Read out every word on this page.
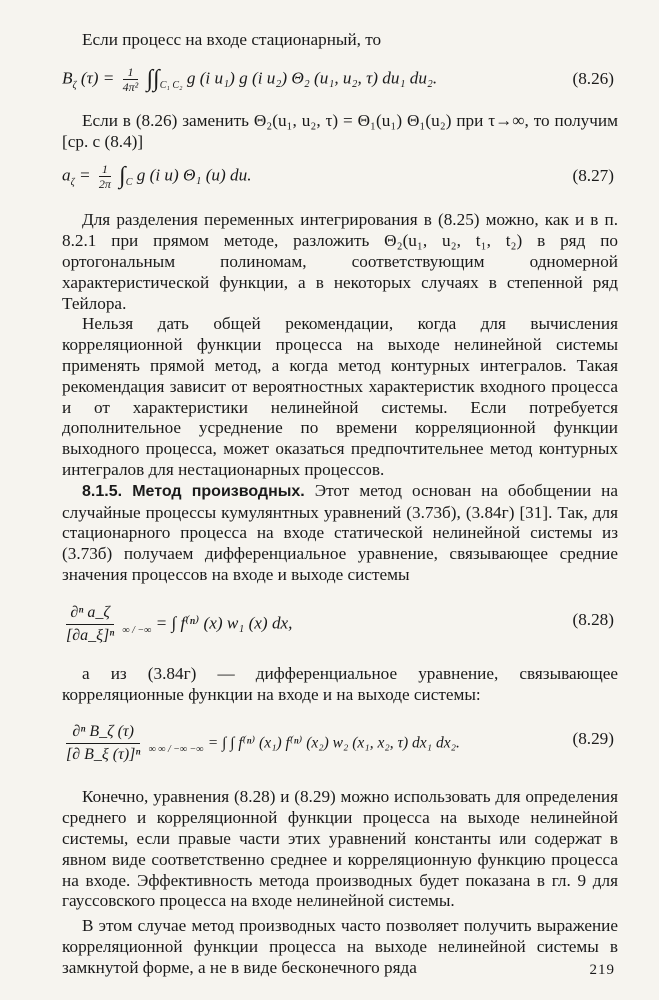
Если процесс на входе стационарный, то

$B_\zeta$ $(\tau) = \frac{1}{\text{4π²}} \int\int_{C_1 C_2}$ g (i u₁) g (i u₂) Θ₂ (u₁, u₂, τ) du₁ du₂.	(8.26)

Если в (8.26) заменить Θ₂(u₁, u₂, τ) = Θ₁(u₁) Θ₁(u₂) при τ→∞, то получим [ср. с (8.4)]

$a_\zeta = \frac{1}{2\pi} \int_C$ g (i u) Θ₁ (u) du.	(8.27)

Для разделения переменных интегрирования в (8.25) можно, как и в п. 8.2.1 при прямом методе, разложить Θ₂(u₁, u₂, t₁, t₂) в ряд по ортогональным полиномам, соответствующим одномерной характеристической функции, а в некоторых случаях в степенной ряд Тейлора.

Нельзя дать общей рекомендации, когда для вычисления корреляционной функции процесса на выходе нелинейной системы применять прямой метод, а когда метод контурных интегралов. Такая рекомендация зависит от вероятностных характеристик входного процесса и от характеристики нелинейной системы. Если потребуется дополнительное усреднение по времени корреляционной функции выходного процесса, может оказаться предпочтительнее метод контурных интегралов для нестационарных процессов.

8.1.5. Метод производных. Этот метод основан на обобщении на случайные процессы кумулянтных уравнений (3.73б), (3.84г) [31]. Так, для стационарного процесса на входе статической нелинейной системы из (3.73б) получаем дифференциальное уравнение, связывающее средние значения процессов на входе и выходе системы

$\frac{\text{∂ⁿ a\_ζ}}{\text{[∂a\_ξ]ⁿ}} _{\infty / -\infty}$ = ∫ f⁽ⁿ⁾ (x) w₁ (x) dx,	(8.28)

а из (3.84г) — дифференциальное уравнение, связывающее корреляционные функции на входе и на выходе системы:

$\frac{\text{∂ⁿ B\_ζ (τ)}}{\text{[∂ B\_ξ (τ)]ⁿ}} _{\infty \infty / -\infty -\infty}$ = ∫ ∫ f⁽ⁿ⁾ (x₁) f⁽ⁿ⁾ (x₂) w₂ (x₁, x₂, τ) dx₁ dx₂.	(8.29)

Конечно, уравнения (8.28) и (8.29) можно использовать для определения среднего и корреляционной функции процесса на выходе нелинейной системы, если правые части этих уравнений константы или содержат в явном виде соответственно среднее и корреляционную функцию процесса на входе. Эффективность метода производных будет показана в гл. 9 для гауссовского процесса на входе нелинейной системы.

В этом случае метод производных часто позволяет получить выражение корреляционной функции процесса на выходе нелинейной системы в замкнутой форме, а не в виде бесконечного ряда	219
